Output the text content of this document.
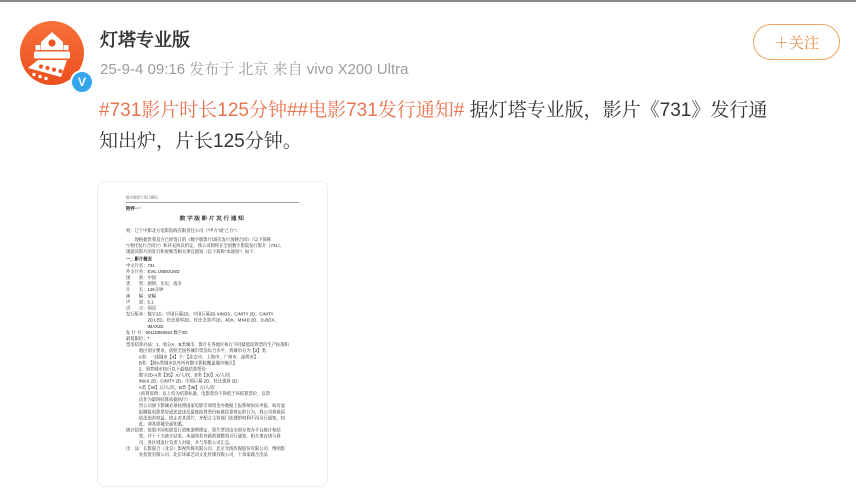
V
灯塔专业版
25-9-4 09:16 发布于 北京 来自 vivo X200 Ultra
＋关注
#731影片时长125分钟##电影731发行通知# 据灯塔专业版，影片《731》发行通
知出炉，片长125分钟。
数字版影片发行通知
附件一
数字版影片发行通知
致：辽宁中影北方电影院线有限责任公司（“甲方”或“乙方”）：
　　现根据贵我双方已经签订的《数字版影片/场次发行放映合同》（以下简称
“《委托发行合同》”）和补充协议约定，我公司即将在全国数字影院发行影片《731》，
现就该影片的发行和放映等相关事宜通知（以下简称“本通知”）如下：
一、影片概况
中文片名：731
外文片名：EVIL UNBOUND
国　　别：中国
类　　型：剧情、历史、战争
片　　长：125分钟
画　　幅：宽幅
声　　道：5.1
语　　言：国语
发行版本：数字2D、中国巨幕2D、中国巨幕2D XINOS、CINITY 2D、CINITY
　　　　　2D LED、杜比视界2D、杜比全景声2D、4DX、MX4D 2D、D-BOX、
　　　　　IMAX2D
发 行 号：0011D965924 数字2D
最低限价：*
票房结算办法：1、划分A、B类城市，影片在各地区执行不同最低结算票价生产标准和
　　　地区划分要求，依照全国各城市票房综合水平，将城市分为【2】类：
　　　A类：一线城市【4】个：【北京市、上海市、广州市、深圳市】
　　　B类：【除A类城市以外所有数字影院覆盖城市地区】
　　　2、别类城市执行以下最低结算票价：
　　　数字2D-A类【35】元/人/次，B类【30】元/人/次
　　　IMAX 2D、CINITY 2D、中国巨幕 2D、杜比视界 2D：
　　　A类【40】元/人/次，B类【35】元/人/次
　　　（结算说明：以上均为结算标准，电影票价不得低于该结算票价，以票
　　　房作为最终结算依据执行）
　　　贵公司旗下影城必须按照国家电影专项资金办数据上报系统如实申报，如有虚
　　　报瞒报电影票房或恶意违反最低结算票价标准结算规定的行为，我公司将保留
　　　依法追责权益、终止对其供片，并配合主管部门处理的权利不再另行通知，特
　　　此，请各影城全面知悉。
统计结算：按照中国电影发行放映条例规定，影片票房由全国专资办平台统计和结
　　　算，并于十天统计结束，本通知若有新的调整将另行通知，相关事宜请与我
　　　司、各区域发行负责人对接，并与华影公司汇总。
出　品：长影联合（北京）影视传媒有限公司、北京光线传媒股份有限公司、博纳影
　　　业投资有限公司、北京环球艺动文化传媒有限公司、十余家联合出品
